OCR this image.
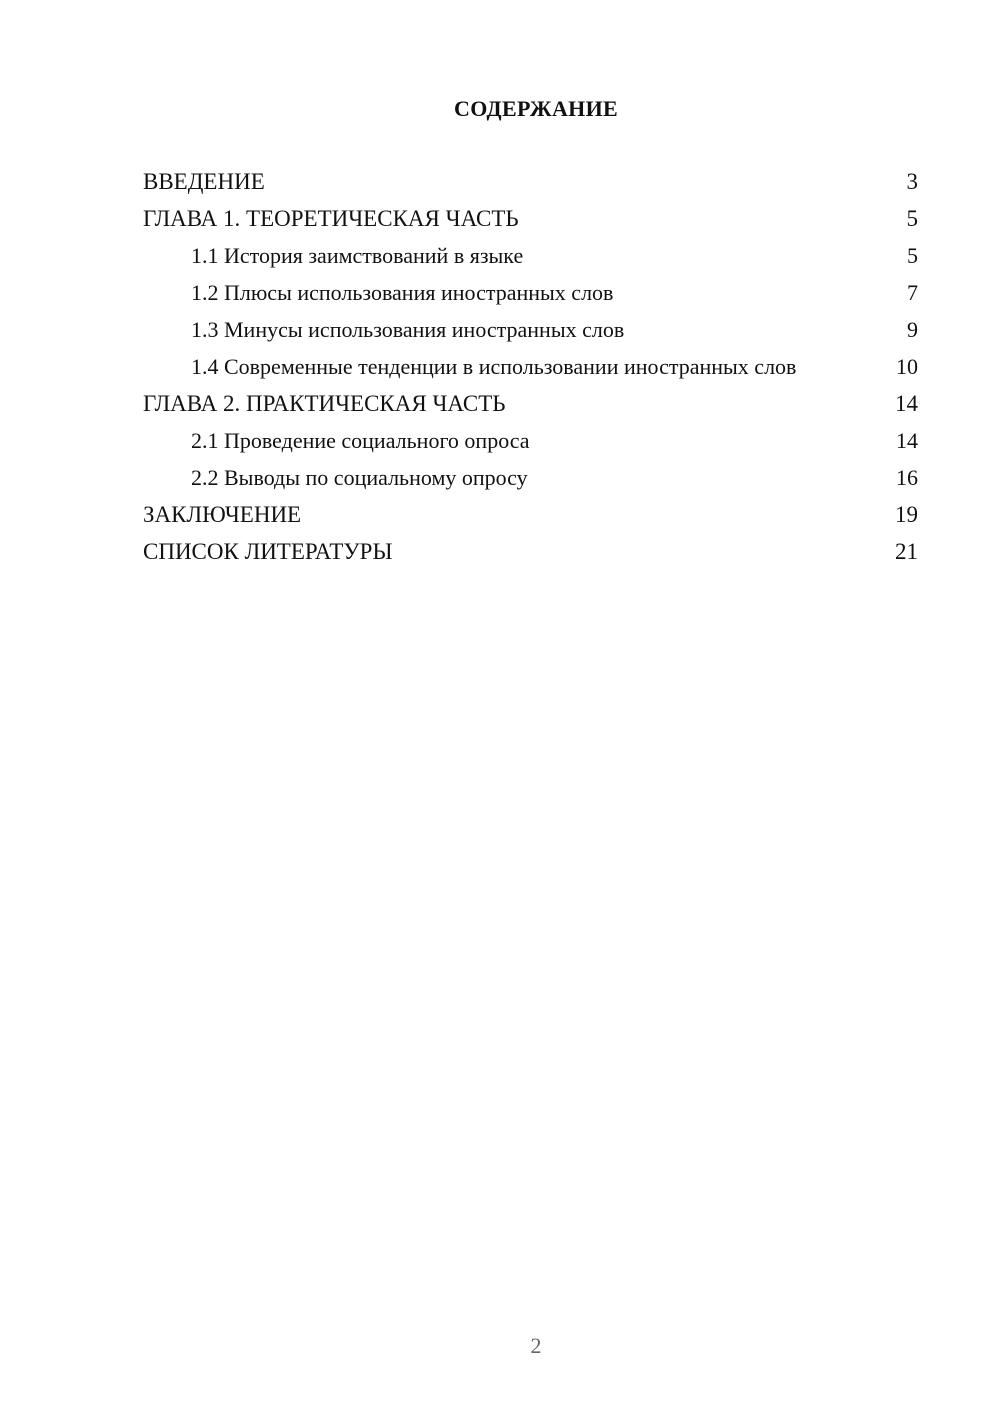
СОДЕРЖАНИЕ
ВВЕДЕНИЕ	3
ГЛАВА 1. ТЕОРЕТИЧЕСКАЯ ЧАСТЬ	5
1.1 История заимствований в языке	5
1.2 Плюсы использования иностранных слов	7
1.3 Минусы использования иностранных слов	9
1.4 Современные тенденции в использовании иностранных слов	10
ГЛАВА 2. ПРАКТИЧЕСКАЯ ЧАСТЬ	14
2.1 Проведение социального опроса	14
2.2 Выводы по социальному опросу	16
ЗАКЛЮЧЕНИЕ	19
СПИСОК ЛИТЕРАТУРЫ	21
2
